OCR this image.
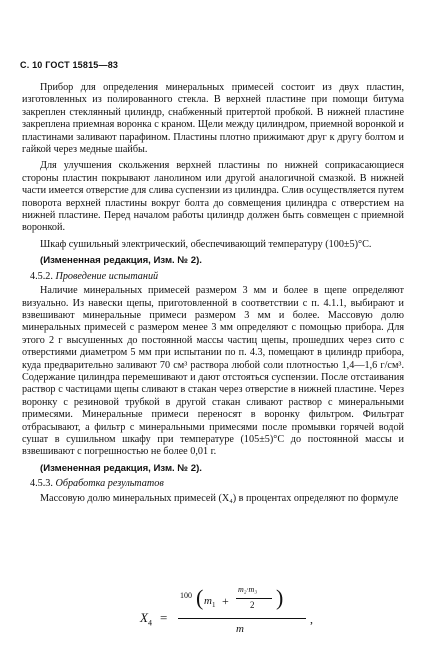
С. 10 ГОСТ 15815—83

Прибор для определения минеральных примесей состоит из двух пластин, изготовленных из полированного стекла. В верхней пластине при помощи битума закреплен стеклянный цилиндр, снабженный притертой пробкой. В нижней пластине закреплена приемная воронка с краном. Щели между цилиндром, приемной воронкой и пластинами заливают парафином. Пластины плотно прижимают друг к другу болтом и гайкой через медные шайбы.

Для улучшения скольжения верхней пластины по нижней соприкасающиеся стороны пластин покрывают ланолином или другой аналогичной смазкой. В нижней части имеется отверстие для слива суспензии из цилиндра. Слив осуществляется путем поворота верхней пластины вокруг болта до совмещения цилиндра с отверстием на нижней пластине. Перед началом работы цилиндр должен быть совмещен с приемной воронкой.

Шкаф сушильный электрический, обеспечивающий температуру (100±5)°С.

(Измененная редакция, Изм. № 2).

4.5.2. Проведение испытаний

Наличие минеральных примесей размером 3 мм и более в щепе определяют визуально. Из навески щепы, приготовленной в соответствии с п. 4.1.1, выбирают и взвешивают минеральные примеси размером 3 мм и более. Массовую долю минеральных примесей с размером менее 3 мм определяют с помощью прибора. Для этого 2 г высушенных до постоянной массы частиц щепы, прошедших через сито с отверстиями диаметром 5 мм при испытании по п. 4.3, помещают в цилиндр прибора, куда предварительно заливают 70 см³ раствора любой соли плотностью 1,4—1,6 г/см³. Содержание цилиндра перемешивают и дают отстояться суспензии. После отстаивания раствор с частицами щепы сливают в стакан через отверстие в нижней пластине. Через воронку с резиновой трубкой в другой стакан сливают раствор с минеральными примесями. Минеральные примеси переносят в воронку фильтром. Фильтрат отбрасывают, а фильтр с минеральными примесями после промывки горячей водой сушат в сушильном шкафу при температуре (105±5)°С до постоянной массы и взвешивают с погрешностью не более 0,01 г.

(Измененная редакция, Изм. № 2).

4.5.3. Обработка результатов

Массовую долю минеральных примесей (X₄) в процентах определяют по формуле

$X_4$ =
100 ( $m_1$ +
m₂·m₃
2 )
m
,
